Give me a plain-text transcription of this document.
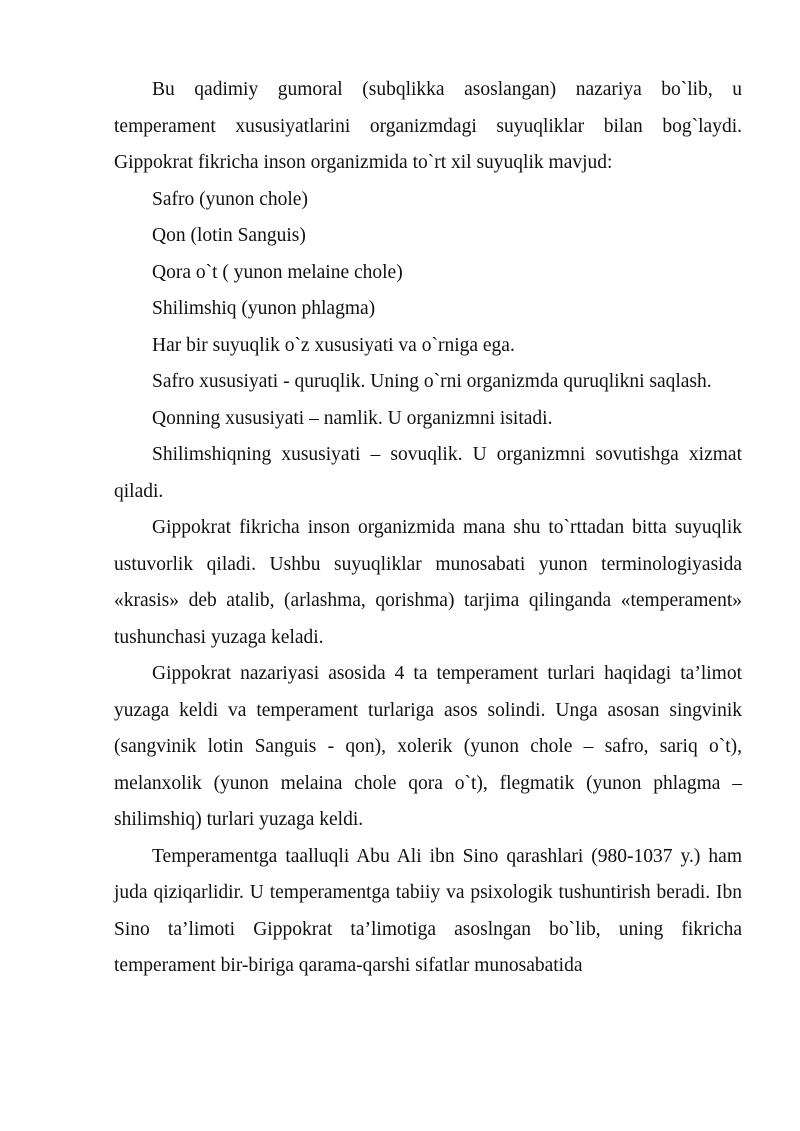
Bu qadimiy gumoral (subqlikka asoslangan) nazariya bo`lib, u temperament xususiyatlarini organizmdagi suyuqliklar bilan bog`laydi. Gippokrat fikricha inson organizmida to`rt xil suyuqlik mavjud:

Safro (yunon chole)

Qon (lotin Sanguis)

Qora o`t ( yunon melaine chole)

Shilimshiq (yunon phlagma)

Har bir suyuqlik o`z xususiyati va o`rniga ega.

Safro xususiyati - quruqlik. Uning o`rni organizmda quruqlikni saqlash.

Qonning xususiyati – namlik. U organizmni isitadi.

Shilimshiqning xususiyati – sovuqlik. U organizmni sovutishga xizmat qiladi.

Gippokrat fikricha inson organizmida mana shu to`rttadan bitta suyuqlik ustuvorlik qiladi. Ushbu suyuqliklar munosabati yunon terminologiyasida «krasis» deb atalib, (arlashma, qorishma) tarjima qilinganda «temperament» tushunchasi yuzaga keladi.

Gippokrat nazariyasi asosida 4 ta temperament turlari haqidagi ta’limot yuzaga keldi va temperament turlariga asos solindi. Unga asosan singvinik (sangvinik lotin Sanguis - qon), xolerik (yunon chole – safro, sariq o`t), melanxolik (yunon melaina chole qora o`t), flegmatik (yunon phlagma – shilimshiq) turlari yuzaga keldi.

Temperamentga taalluqli Abu Ali ibn Sino qarashlari (980-1037 y.) ham juda qiziqarlidir. U temperamentga tabiiy va psixologik tushuntirish beradi. Ibn Sino ta’limoti Gippokrat ta’limotiga asoslngan bo`lib, uning fikricha temperament bir-biriga qarama-qarshi sifatlar munosabatida
